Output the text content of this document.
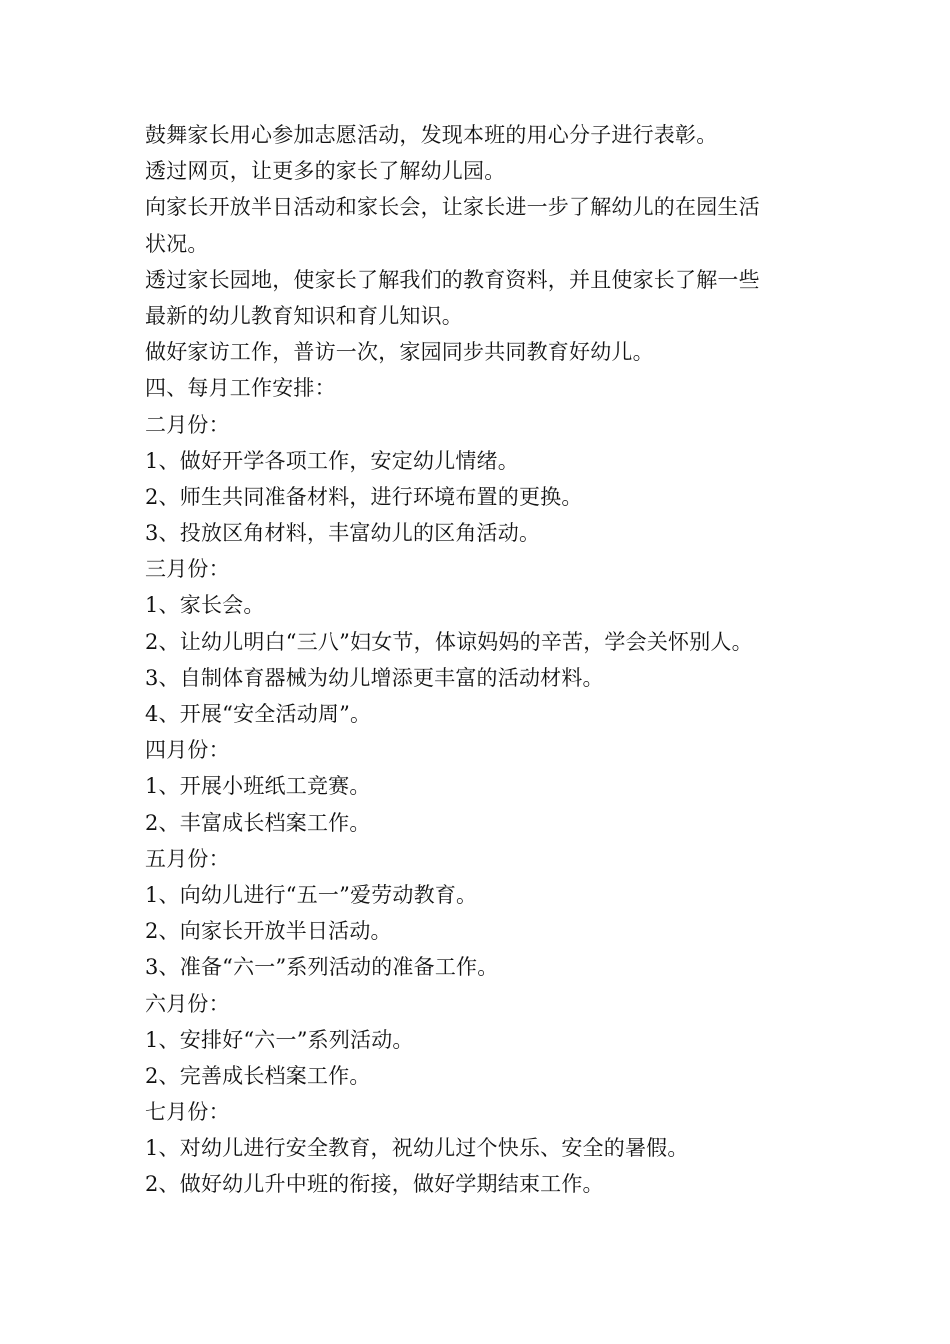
鼓舞家长用心参加志愿活动，发现本班的用心分子进行表彰。
透过网页，让更多的家长了解幼儿园。
向家长开放半日活动和家长会，让家长进一步了解幼儿的在园生活
状况。
透过家长园地，使家长了解我们的教育资料，并且使家长了解一些
最新的幼儿教育知识和育儿知识。
做好家访工作，普访一次，家园同步共同教育好幼儿。
四、每月工作安排：
二月份：
1、做好开学各项工作，安定幼儿情绪。
2、师生共同准备材料，进行环境布置的更换。
3、投放区角材料，丰富幼儿的区角活动。
三月份：
1、家长会。
2、让幼儿明白“三八”妇女节，体谅妈妈的辛苦，学会关怀别人。
3、自制体育器械为幼儿增添更丰富的活动材料。
4、开展“安全活动周”。
四月份：
1、开展小班纸工竞赛。
2、丰富成长档案工作。
五月份：
1、向幼儿进行“五一”爱劳动教育。
2、向家长开放半日活动。
3、准备“六一”系列活动的准备工作。
六月份：
1、安排好“六一”系列活动。
2、完善成长档案工作。
七月份：
1、对幼儿进行安全教育，祝幼儿过个快乐、安全的暑假。
2、做好幼儿升中班的衔接，做好学期结束工作。
